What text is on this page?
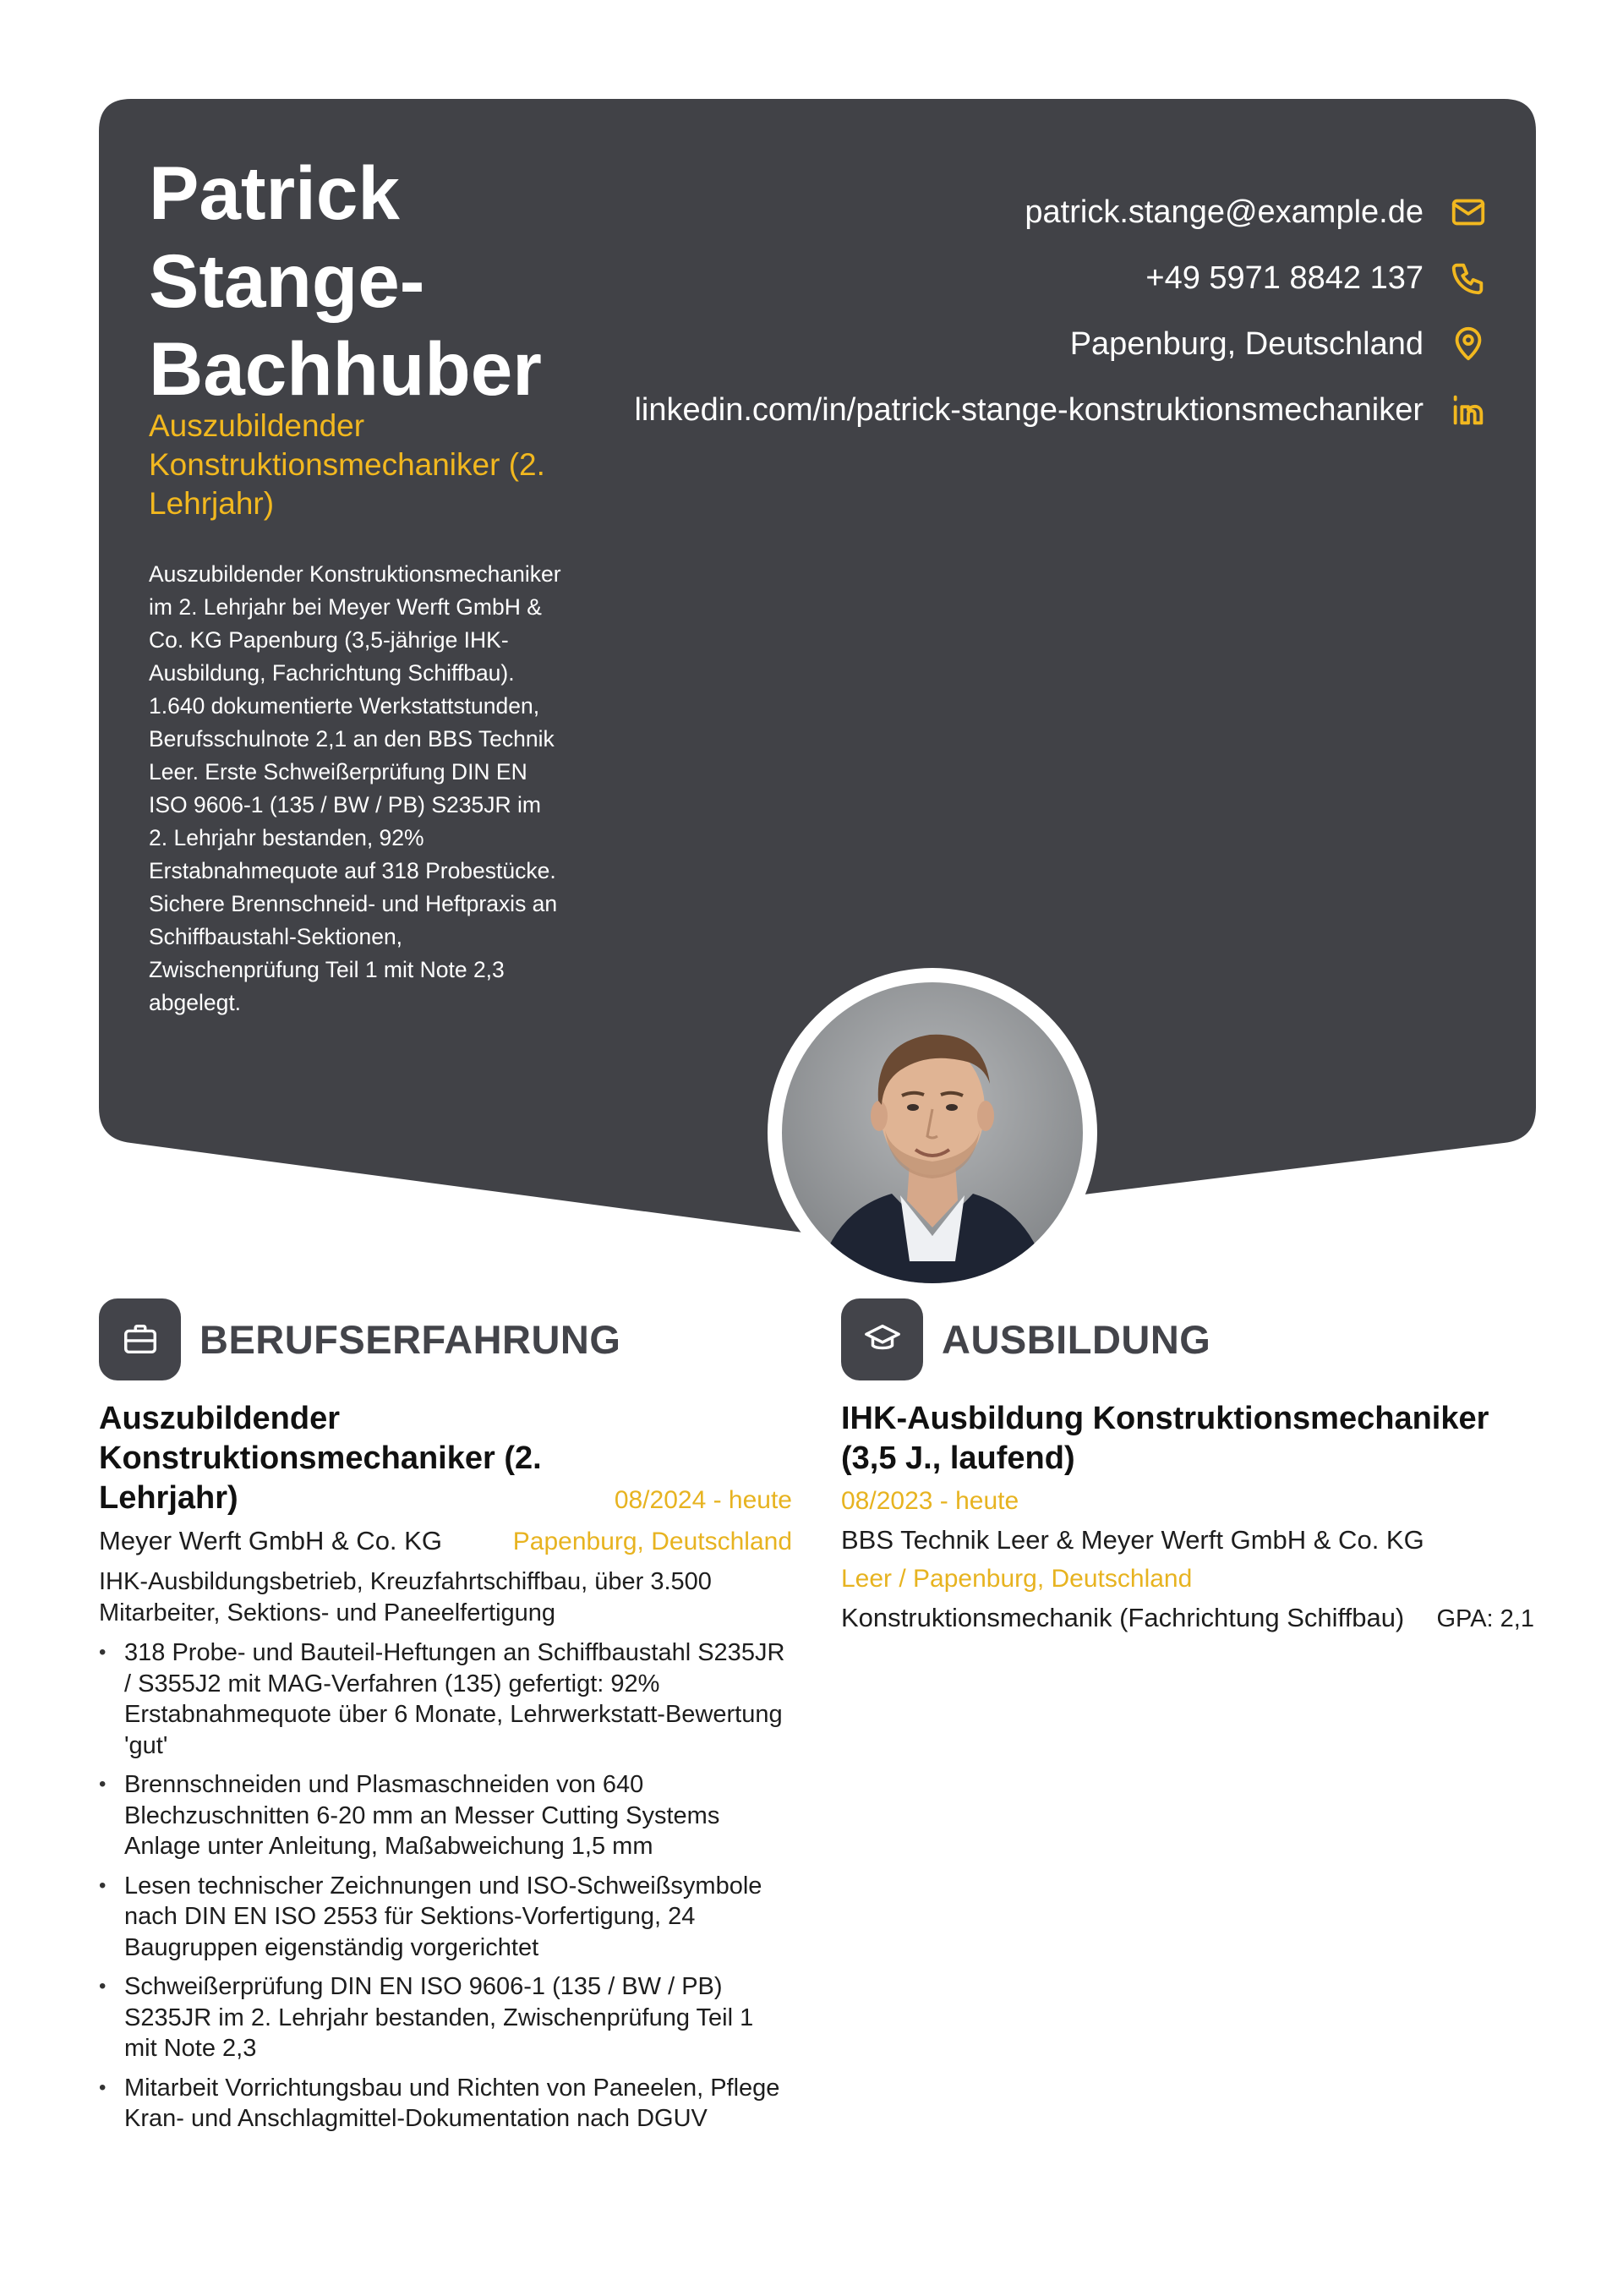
Patrick Stange-Bachhuber
Auszubildender Konstruktionsmechaniker (2. Lehrjahr)
Auszubildender Konstruktionsmechaniker im 2. Lehrjahr bei Meyer Werft GmbH & Co. KG Papenburg (3,5-jährige IHK-Ausbildung, Fachrichtung Schiffbau). 1.640 dokumentierte Werkstattstunden, Berufsschulnote 2,1 an den BBS Technik Leer. Erste Schweißerprüfung DIN EN ISO 9606-1 (135 / BW / PB) S235JR im 2. Lehrjahr bestanden, 92% Erstabnahmequote auf 318 Probestücke. Sichere Brennschneid- und Heftpraxis an Schiffbaustahl-Sektionen, Zwischenprüfung Teil 1 mit Note 2,3 abgelegt.
patrick.stange@example.de
+49 5971 8842 137
Papenburg, Deutschland
linkedin.com/in/patrick-stange-konstruktionsmechaniker
BERUFSERFAHRUNG
Auszubildender Konstruktionsmechaniker (2. Lehrjahr)	08/2024 - heute
Meyer Werft GmbH & Co. KG	Papenburg, Deutschland
IHK-Ausbildungsbetrieb, Kreuzfahrtschiffbau, über 3.500 Mitarbeiter, Sektions- und Paneelfertigung
• 318 Probe- und Bauteil-Heftungen an Schiffbaustahl S235JR / S355J2 mit MAG-Verfahren (135) gefertigt: 92% Erstabnahmequote über 6 Monate, Lehrwerkstatt-Bewertung 'gut'
• Brennschneiden und Plasmaschneiden von 640 Blechzuschnitten 6-20 mm an Messer Cutting Systems Anlage unter Anleitung, Maßabweichung 1,5 mm
• Lesen technischer Zeichnungen und ISO-Schweißsymbole nach DIN EN ISO 2553 für Sektions-Vorfertigung, 24 Baugruppen eigenständig vorgerichtet
• Schweißerprüfung DIN EN ISO 9606-1 (135 / BW / PB) S235JR im 2. Lehrjahr bestanden, Zwischenprüfung Teil 1 mit Note 2,3
• Mitarbeit Vorrichtungsbau und Richten von Paneelen, Pflege Kran- und Anschlagmittel-Dokumentation nach DGUV
AUSBILDUNG
IHK-Ausbildung Konstruktionsmechaniker (3,5 J., laufend)
08/2023 - heute
BBS Technik Leer & Meyer Werft GmbH & Co. KG
Leer / Papenburg, Deutschland
Konstruktionsmechanik (Fachrichtung Schiffbau) GPA: 2,1
